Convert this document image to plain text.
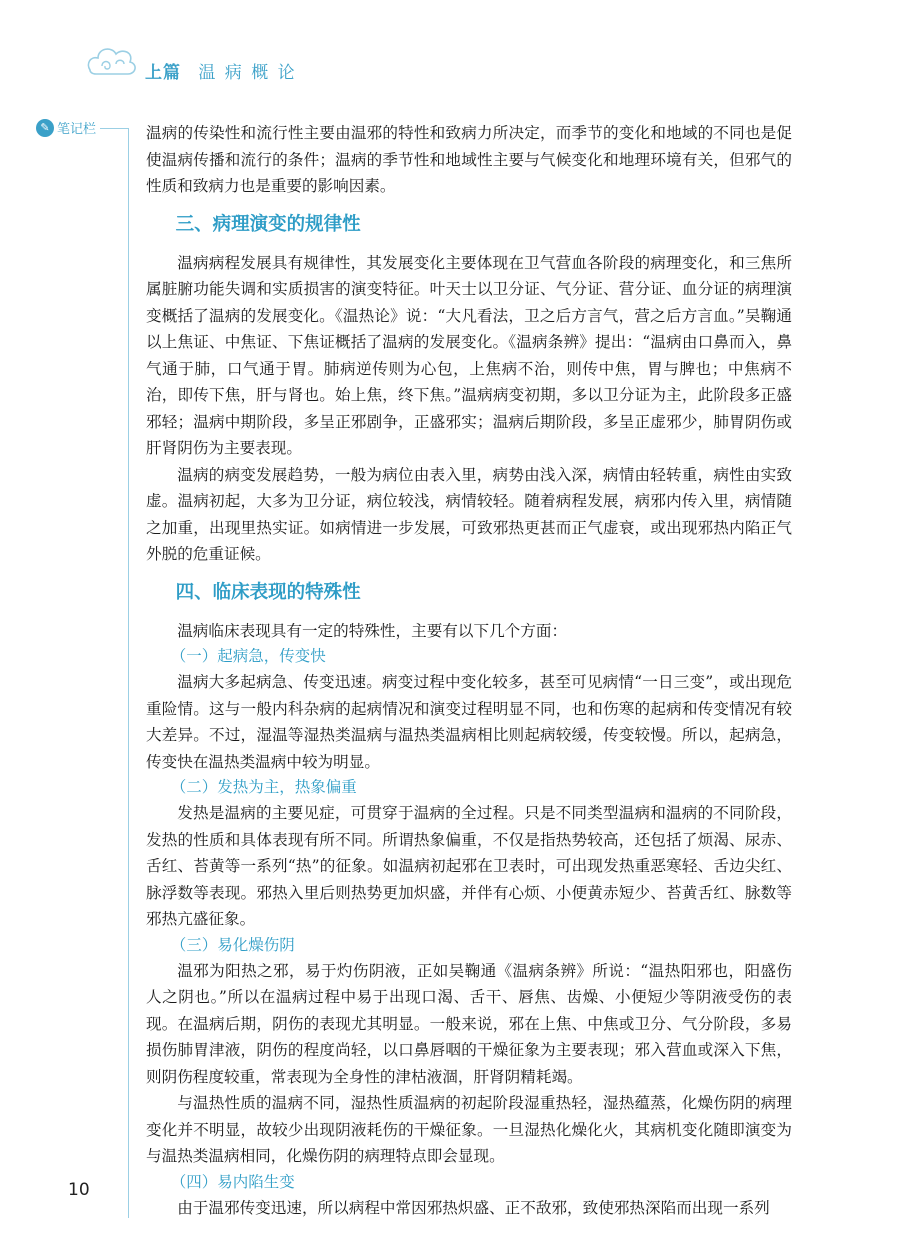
上篇 温 病 概 论
✎ 笔记栏	温病的传染性和流行性主要由温邪的特性和致病力所决定，而季节的变化和地域的不同也是促使温病传播和流行的条件；温病的季节性和地域性主要与气候变化和地理环境有关，但邪气的性质和致病力也是重要的影响因素。

三、病理演变的规律性

温病病程发展具有规律性，其发展变化主要体现在卫气营血各阶段的病理变化，和三焦所属脏腑功能失调和实质损害的演变特征。叶天士以卫分证、气分证、营分证、血分证的病理演变概括了温病的发展变化。《温热论》说：“大凡看法，卫之后方言气，营之后方言血。”吴鞠通以上焦证、中焦证、下焦证概括了温病的发展变化。《温病条辨》提出：“温病由口鼻而入，鼻气通于肺，口气通于胃。肺病逆传则为心包，上焦病不治，则传中焦，胃与脾也；中焦病不治，即传下焦，肝与肾也。始上焦，终下焦。”温病病变初期，多以卫分证为主，此阶段多正盛邪轻；温病中期阶段，多呈正邪剧争，正盛邪实；温病后期阶段，多呈正虚邪少，肺胃阴伤或肝肾阴伤为主要表现。

温病的病变发展趋势，一般为病位由表入里，病势由浅入深，病情由轻转重，病性由实致虚。温病初起，大多为卫分证，病位较浅，病情较轻。随着病程发展，病邪内传入里，病情随之加重，出现里热实证。如病情进一步发展，可致邪热更甚而正气虚衰，或出现邪热内陷正气外脱的危重证候。

四、临床表现的特殊性

温病临床表现具有一定的特殊性，主要有以下几个方面：

（一）起病急，传变快

温病大多起病急、传变迅速。病变过程中变化较多，甚至可见病情“一日三变”，或出现危重险情。这与一般内科杂病的起病情况和演变过程明显不同，也和伤寒的起病和传变情况有较大差异。不过，湿温等湿热类温病与温热类温病相比则起病较缓，传变较慢。所以，起病急，传变快在温热类温病中较为明显。

（二）发热为主，热象偏重

发热是温病的主要见症，可贯穿于温病的全过程。只是不同类型温病和温病的不同阶段，发热的性质和具体表现有所不同。所谓热象偏重，不仅是指热势较高，还包括了烦渴、尿赤、舌红、苔黄等一系列“热”的征象。如温病初起邪在卫表时，可出现发热重恶寒轻、舌边尖红、脉浮数等表现。邪热入里后则热势更加炽盛，并伴有心烦、小便黄赤短少、苔黄舌红、脉数等邪热亢盛征象。

（三）易化燥伤阴

温邪为阳热之邪，易于灼伤阴液，正如吴鞠通《温病条辨》所说：“温热阳邪也，阳盛伤人之阴也。”所以在温病过程中易于出现口渴、舌干、唇焦、齿燥、小便短少等阴液受伤的表现。在温病后期，阴伤的表现尤其明显。一般来说，邪在上焦、中焦或卫分、气分阶段，多易损伤肺胃津液，阴伤的程度尚轻，以口鼻唇咽的干燥征象为主要表现；邪入营血或深入下焦，则阴伤程度较重，常表现为全身性的津枯液涸，肝肾阴精耗竭。

与温热性质的温病不同，湿热性质温病的初起阶段湿重热轻，湿热蕴蒸，化燥伤阴的病理变化并不明显，故较少出现阴液耗伤的干燥征象。一旦湿热化燥化火，其病机变化随即演变为与温热类温病相同，化燥伤阴的病理特点即会显现。

（四）易内陷生变

由于温邪传变迅速，所以病程中常因邪热炽盛、正不敌邪，致使邪热深陷而出现一系列

10
